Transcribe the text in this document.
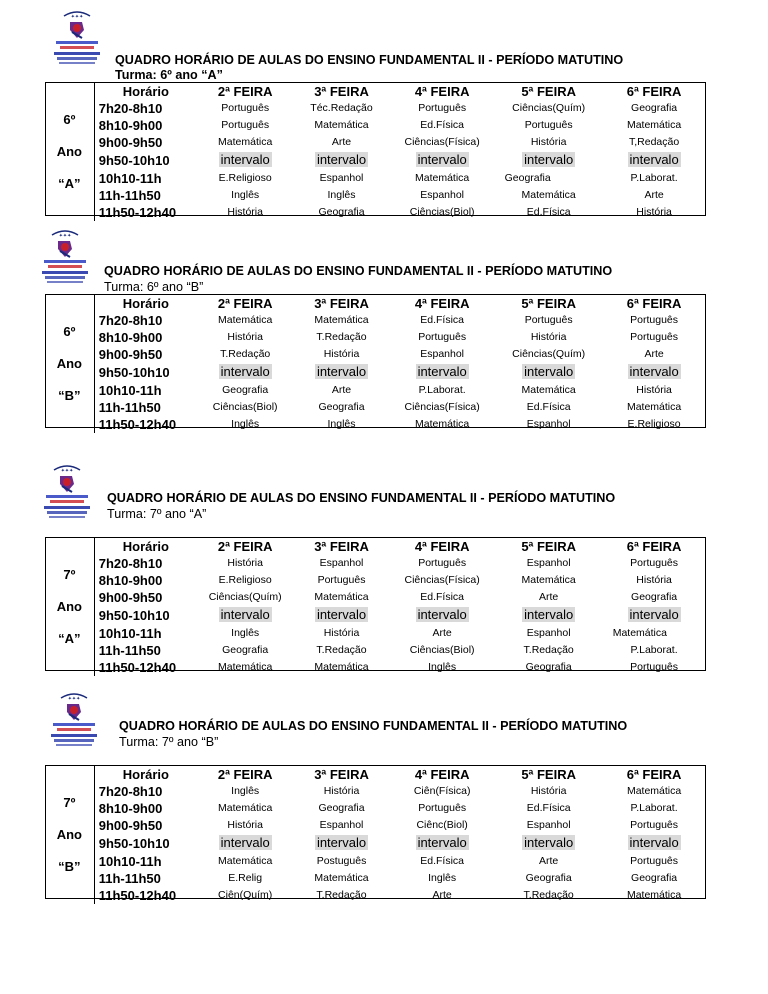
QUADRO HORÁRIO DE AULAS DO ENSINO FUNDAMENTAL II - PERÍODO MATUTINO
Turma: 6º ano “A”
6º
Ano
“A”	Horário	2ª FEIRA	3ª FEIRA	4ª FEIRA	5ª FEIRA	6ª FEIRA
	7h20-8h10	Português	Téc.Redação	Português	Ciências(Quím)	Geografia
	8h10-9h00	Português	Matemática	Ed.Física	Português	Matemática
	9h00-9h50	Matemática	Arte	Ciências(Física)	História	T,Redação
	9h50-10h10	intervalo	intervalo	intervalo	intervalo	intervalo
	10h10-11h	E.Religioso	Espanhol	Matemática	Geografia	P.Laborat.
	11h-11h50	Inglês	Inglês	Espanhol	Matemática	Arte
	11h50-12h40	História	Geografia	Ciências(Biol)	Ed.Física	História
QUADRO HORÁRIO DE AULAS DO ENSINO FUNDAMENTAL II - PERÍODO MATUTINO
Turma: 6º ano “B”
6º
Ano
“B”	Horário	2ª FEIRA	3ª FEIRA	4ª FEIRA	5ª FEIRA	6ª FEIRA
	7h20-8h10	Matemática	Matemática	Ed.Física	Português	Português
	8h10-9h00	História	T.Redação	Português	História	Português
	9h00-9h50	T.Redação	História	Espanhol	Ciências(Quím)	Arte
	9h50-10h10	intervalo	intervalo	intervalo	intervalo	intervalo
	10h10-11h	Geografia	Arte	P.Laborat.	Matemática	História
	11h-11h50	Ciências(Biol)	Geografia	Ciências(Física)	Ed.Física	Matemática
	11h50-12h40	Inglês	Inglês	Matemática	Espanhol	E.Religioso
QUADRO HORÁRIO DE AULAS DO ENSINO FUNDAMENTAL II - PERÍODO MATUTINO
Turma: 7º ano “A”
7º
Ano
“A”	Horário	2ª FEIRA	3ª FEIRA	4ª FEIRA	5ª FEIRA	6ª FEIRA
	7h20-8h10	História	Espanhol	Português	Espanhol	Português
	8h10-9h00	E.Religioso	Português	Ciências(Física)	Matemática	História
	9h00-9h50	Ciências(Quím)	Matemática	Ed.Física	Arte	Geografia
	9h50-10h10	intervalo	intervalo	intervalo	intervalo	intervalo
	10h10-11h	Inglês	História	Arte	Espanhol	Matemática
	11h-11h50	Geografia	T.Redação	Ciências(Biol)	T.Redação	P.Laborat.
	11h50-12h40	Matemática	Matemática	Inglês	Geografia	Português
QUADRO HORÁRIO DE AULAS DO ENSINO FUNDAMENTAL II - PERÍODO MATUTINO
Turma: 7º ano “B”
7º
Ano
“B”	Horário	2ª FEIRA	3ª FEIRA	4ª FEIRA	5ª FEIRA	6ª FEIRA
	7h20-8h10	Inglês	História	Ciên(Física)	História	Matemática
	8h10-9h00	Matemática	Geografia	Português	Ed.Física	P.Laborat.
	9h00-9h50	História	Espanhol	Ciênc(Biol)	Espanhol	Português
	9h50-10h10	intervalo	intervalo	intervalo	intervalo	intervalo
	10h10-11h	Matemática	Postuguês	Ed.Física	Arte	Português
	11h-11h50	E.Relig	Matemática	Inglês	Geografia	Geografia
	11h50-12h40	Ciên(Quím)	T.Redação	Arte	T.Redação	Matemática
